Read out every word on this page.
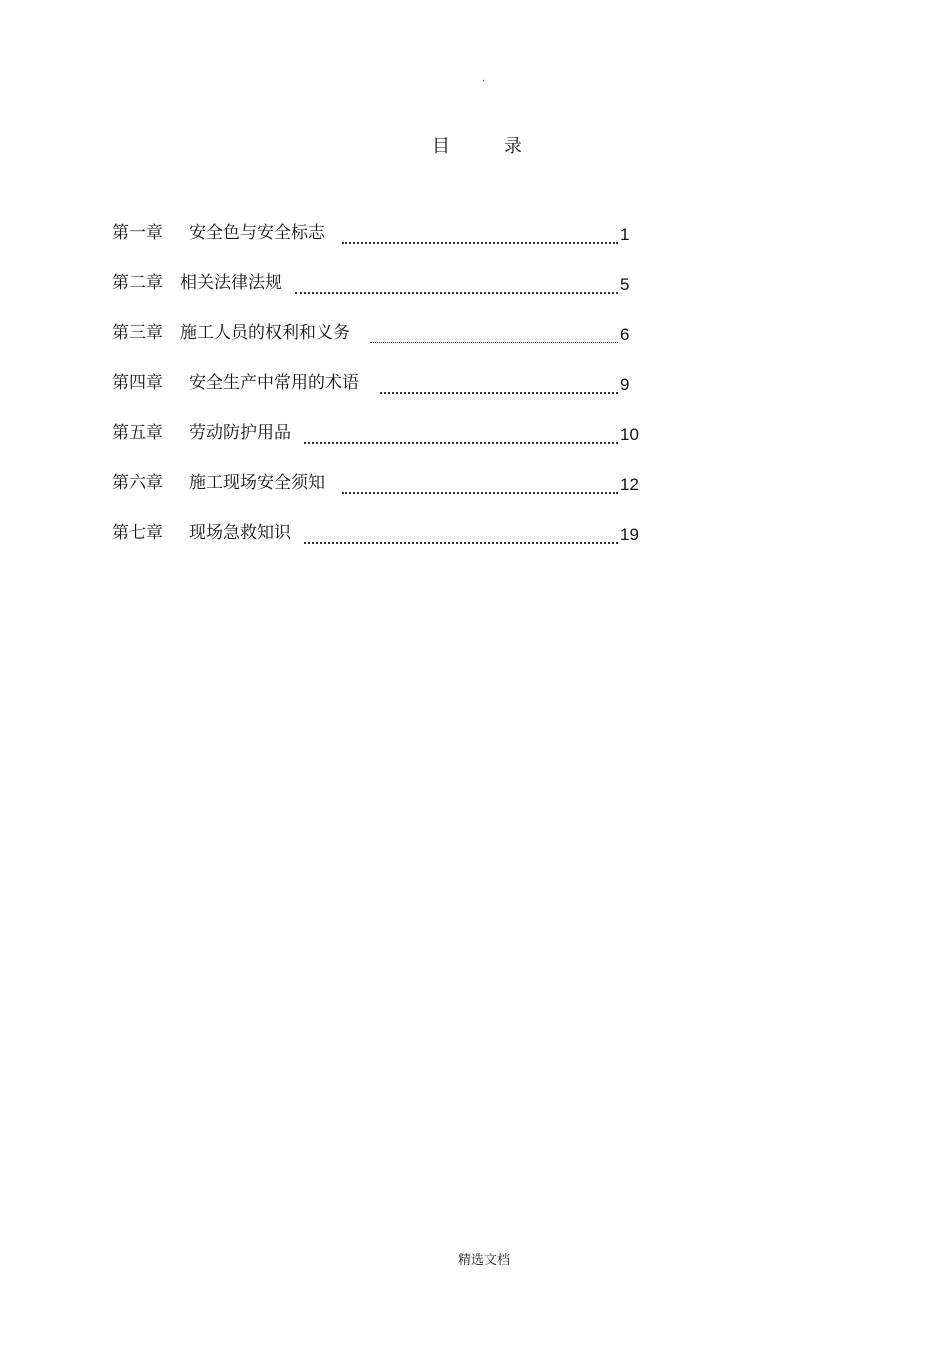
.
目　录
第一章 安全色与安全标志	1
第二章 相关法律法规	5
第三章 施工人员的权利和义务	6
第四章 安全生产中常用的术语	9
第五章 劳动防护用品	10
第六章 施工现场安全须知	12
第七章 现场急救知识	19
精选文档
